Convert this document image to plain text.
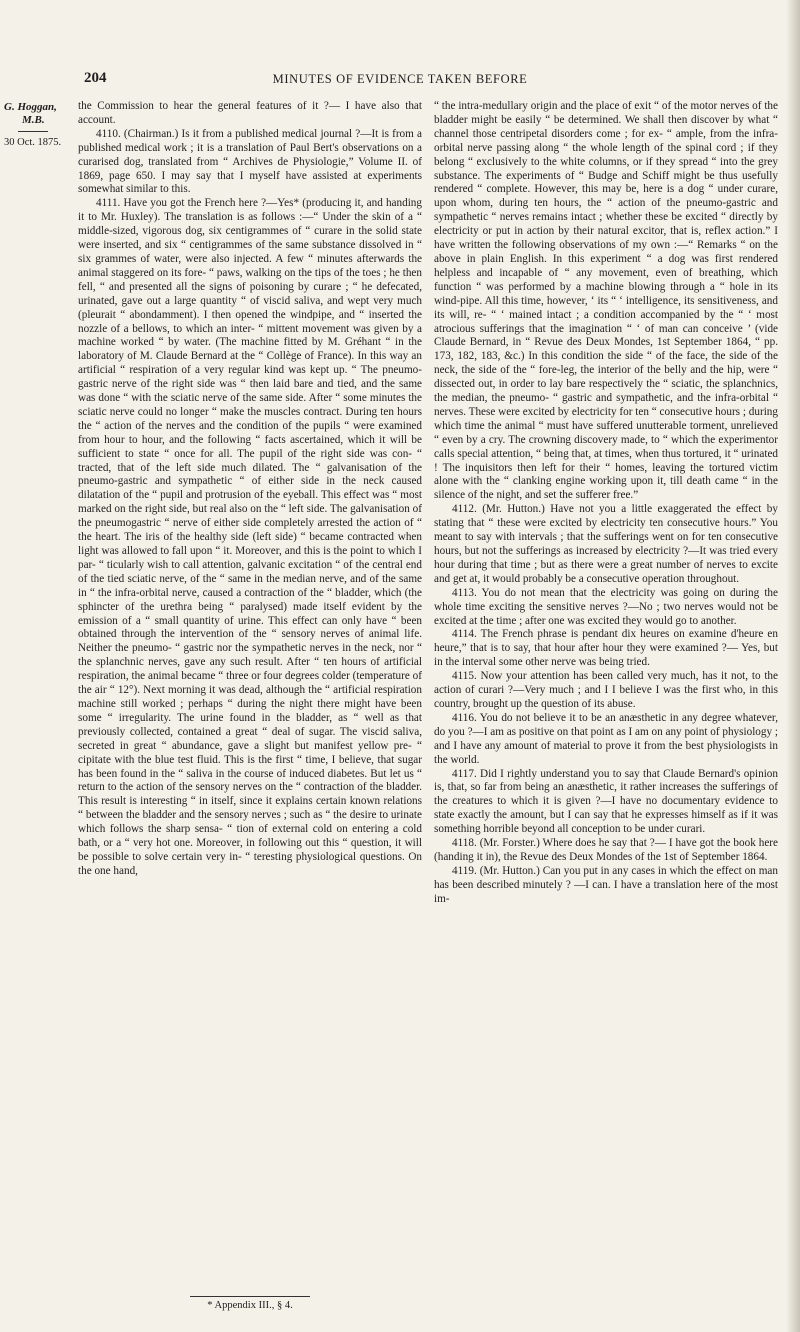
204	MINUTES OF EVIDENCE TAKEN BEFORE
G. Hoggan,
M.B.
30 Oct. 1875.

the Commission to hear the general features of it ?— I have also that account.

4110. (Chairman.) Is it from a published medical journal ?—It is from a published medical work ; it is a translation of Paul Bert's observations on a curarised dog, translated from “ Archives de Physiologie,” Volume II. of 1869, page 650. I may say that I myself have assisted at experiments somewhat similar to this.

4111. Have you got the French here ?—Yes* (producing it, and handing it to Mr. Huxley). The translation is as follows :—“ Under the skin of a “ middle-sized, vigorous dog, six centigrammes of “ curare in the solid state were inserted, and six “ centigrammes of the same substance dissolved in “ six grammes of water, were also injected. A few “ minutes afterwards the animal staggered on its fore- “ paws, walking on the tips of the toes ; he then fell, “ and presented all the signs of poisoning by curare ; “ he defecated, urinated, gave out a large quantity “ of viscid saliva, and wept very much (pleurait “ abondamment). I then opened the windpipe, and “ inserted the nozzle of a bellows, to which an inter- “ mittent movement was given by a machine worked “ by water. (The machine fitted by M. Gréhant “ in the laboratory of M. Claude Bernard at the “ Collège of France). In this way an artificial “ respiration of a very regular kind was kept up. “ The pneumo-gastric nerve of the right side was “ then laid bare and tied, and the same was done “ with the sciatic nerve of the same side. After “ some minutes the sciatic nerve could no longer “ make the muscles contract. During ten hours the “ action of the nerves and the condition of the pupils “ were examined from hour to hour, and the following “ facts ascertained, which it will be sufficient to state “ once for all. The pupil of the right side was con- “ tracted, that of the left side much dilated. The “ galvanisation of the pneumo-gastric and sympathetic “ of either side in the neck caused dilatation of the “ pupil and protrusion of the eyeball. This effect was “ most marked on the right side, but real also on the “ left side. The galvanisation of the pneumogastric “ nerve of either side completely arrested the action of “ the heart. The iris of the healthy side (left side) “ became contracted when light was allowed to fall upon “ it. Moreover, and this is the point to which I par- “ ticularly wish to call attention, galvanic excitation “ of the central end of the tied sciatic nerve, of the “ same in the median nerve, and of the same in “ the infra-orbital nerve, caused a contraction of the “ bladder, which (the sphincter of the urethra being “ paralysed) made itself evident by the emission of a “ small quantity of urine. This effect can only have “ been obtained through the intervention of the “ sensory nerves of animal life. Neither the pneumo- “ gastric nor the sympathetic nerves in the neck, nor “ the splanchnic nerves, gave any such result. After “ ten hours of artificial respiration, the animal became “ three or four degrees colder (temperature of the air “ 12°). Next morning it was dead, although the “ artificial respiration machine still worked ; perhaps “ during the night there might have been some “ irregularity. The urine found in the bladder, as “ well as that previously collected, contained a great “ deal of sugar. The viscid saliva, secreted in great “ abundance, gave a slight but manifest yellow pre- “ cipitate with the blue test fluid. This is the first “ time, I believe, that sugar has been found in the “ saliva in the course of induced diabetes. But let us “ return to the action of the sensory nerves on the “ contraction of the bladder. This result is interesting “ in itself, since it explains certain known relations “ between the bladder and the sensory nerves ; such as “ the desire to urinate which follows the sharp sensa- “ tion of external cold on entering a cold bath, or a “ very hot one. Moreover, in following out this “ question, it will be possible to solve certain very in- “ teresting physiological questions. On the one hand,

“ the intra-medullary origin and the place of exit “ of the motor nerves of the bladder might be easily “ be determined. We shall then discover by what “ channel those centripetal disorders come ; for ex- “ ample, from the infra-orbital nerve passing along “ the whole length of the spinal cord ; if they belong “ exclusively to the white columns, or if they spread “ into the grey substance. The experiments of “ Budge and Schiff might be thus usefully rendered “ complete. However, this may be, here is a dog “ under curare, upon whom, during ten hours, the “ action of the pneumo-gastric and sympathetic “ nerves remains intact ; whether these be excited “ directly by electricity or put in action by their natural excitor, that is, reflex action.” I have written the following observations of my own :—“ Remarks “ on the above in plain English. In this experiment “ a dog was first rendered helpless and incapable of “ any movement, even of breathing, which function “ was performed by a machine blowing through a “ hole in its wind-pipe. All this time, however, ‘ its “ ‘ intelligence, its sensitiveness, and its will, re- “ ‘ mained intact ; a condition accompanied by the “ ‘ most atrocious sufferings that the imagination “ ‘ of man can conceive ’ (vide Claude Bernard, in “ Revue des Deux Mondes, 1st September 1864, “ pp. 173, 182, 183, &c.) In this condition the side “ of the face, the side of the neck, the side of the “ fore-leg, the interior of the belly and the hip, were “ dissected out, in order to lay bare respectively the “ sciatic, the splanchnics, the median, the pneumo- “ gastric and sympathetic, and the infra-orbital “ nerves. These were excited by electricity for ten “ consecutive hours ; during which time the animal “ must have suffered unutterable torment, unrelieved “ even by a cry. The crowning discovery made, to “ which the experimentor calls special attention, “ being that, at times, when thus tortured, it “ urinated ! The inquisitors then left for their “ homes, leaving the tortured victim alone with the “ clanking engine working upon it, till death came “ in the silence of the night, and set the sufferer free.”

4112. (Mr. Hutton.) Have not you a little exaggerated the effect by stating that “ these were excited by electricity ten consecutive hours.” You meant to say with intervals ; that the sufferings went on for ten consecutive hours, but not the sufferings as increased by electricity ?—It was tried every hour during that time ; but as there were a great number of nerves to excite and get at, it would probably be a consecutive operation throughout.

4113. You do not mean that the electricity was going on during the whole time exciting the sensitive nerves ?—No ; two nerves would not be excited at the time ; after one was excited they would go to another.

4114. The French phrase is pendant dix heures on examine d'heure en heure,” that is to say, that hour after hour they were examined ?— Yes, but in the interval some other nerve was being tried.

4115. Now your attention has been called very much, has it not, to the action of curari ?—Very much ; and I I believe I was the first who, in this country, brought up the question of its abuse.

4116. You do not believe it to be an anæsthetic in any degree whatever, do you ?—I am as positive on that point as I am on any point of physiology ; and I have any amount of material to prove it from the best physiologists in the world.

4117. Did I rightly understand you to say that Claude Bernard's opinion is, that, so far from being an anæsthetic, it rather increases the sufferings of the creatures to which it is given ?—I have no documentary evidence to state exactly the amount, but I can say that he expresses himself as if it was something horrible beyond all conception to be under curari.

4118. (Mr. Forster.) Where does he say that ?— I have got the book here (handing it in), the Revue des Deux Mondes of the 1st of September 1864.

4119. (Mr. Hutton.) Can you put in any cases in which the effect on man has been described minutely ? —I can. I have a translation here of the most im-

* Appendix III., § 4.
